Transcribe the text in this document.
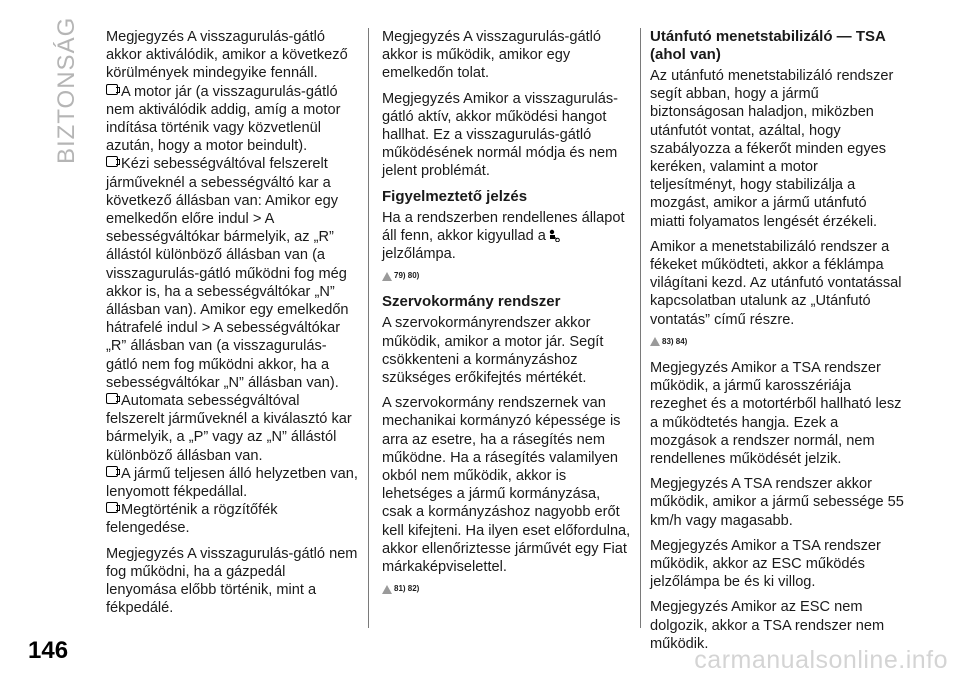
BIZTONSÁG Megjegyzés A visszagurulás-gátló akkor aktiválódik, amikor a következő körülmények mindegyike fennáll.

A motor jár (a visszagurulás-gátló nem aktiválódik addig, amíg a motor indítása történik vagy közvetlenül azután, hogy a motor beindult).

Kézi sebességváltóval felszerelt járműveknél a sebességváltó kar a következő állásban van: Amikor egy emelkedőn előre indul > A sebességváltókar bármelyik, az „R” állástól különböző állásban van (a visszagurulás-gátló működni fog még akkor is, ha a sebességváltókar „N” állásban van). Amikor egy emelkedőn hátrafelé indul > A sebességváltókar „R” állásban van (a visszagurulás-gátló nem fog működni akkor, ha a sebességváltókar „N” állásban van).

Automata sebességváltóval felszerelt járműveknél a kiválasztó kar bármelyik, a „P” vagy az „N” állástól különböző állásban van.

A jármű teljesen álló helyzetben van, lenyomott fékpedállal.

Megtörténik a rögzítőfék felengedése.

Megjegyzés A visszagurulás-gátló nem fog működni, ha a gázpedál lenyomása előbb történik, mint a fékpedálé.

Megjegyzés A visszagurulás-gátló akkor is működik, amikor egy emelkedőn tolat.

Megjegyzés Amikor a visszagurulás-gátló aktív, akkor működési hangot hallhat. Ez a visszagurulás-gátló működésének normál módja és nem jelent problémát.

Figyelmeztető jelzés

Ha a rendszerben rendellenes állapot áll fenn, akkor kigyullad ajelzőlámpa.

79) 80)
Szervokormány rendszer

A szervokormányrendszer akkor működik, amikor a motor jár. Segít csökkenteni a kormányzáshoz szükséges erőkifejtés mértékét.

A szervokormány rendszernek van mechanikai kormányzó képessége is arra az esetre, ha a rásegítés nem működne. Ha a rásegítés valamilyen okból nem működik, akkor is lehetséges a jármű kormányzása, csak a kormányzáshoz nagyobb erőt kell kifejteni. Ha ilyen eset előfordulna, akkor ellenőriztesse járművét egy Fiat márkaképviselettel.

81) 82)
Utánfutó menetstabilizáló — TSA (ahol van)

Az utánfutó menetstabilizáló rendszer segít abban, hogy a jármű biztonságosan haladjon, miközben utánfutót vontat, azáltal, hogy szabályozza a fékerőt minden egyes keréken, valamint a motor teljesítményt, hogy stabilizálja a mozgást, amikor a jármű utánfutó miatti folyamatos lengését érzékeli.

Amikor a menetstabilizáló rendszer a fékeket működteti, akkor a féklámpa világítani kezd. Az utánfutó vontatással kapcsolatban utalunk az „Utánfutó vontatás” című részre.

83) 84)

Megjegyzés Amikor a TSA rendszer működik, a jármű karosszériája rezeghet és a motortérből hallható lesz a működtetés hangja. Ezek a mozgások a rendszer normál, nem rendellenes működését jelzik.

Megjegyzés A TSA rendszer akkor működik, amikor a jármű sebessége 55 km/h vagy magasabb.

Megjegyzés Amikor a TSA rendszer működik, akkor az ESC működés jelzőlámpa be és ki villog.

Megjegyzés Amikor az ESC nem dolgozik, akkor a TSA rendszer nem működik.

146	carmanualsonline.info
